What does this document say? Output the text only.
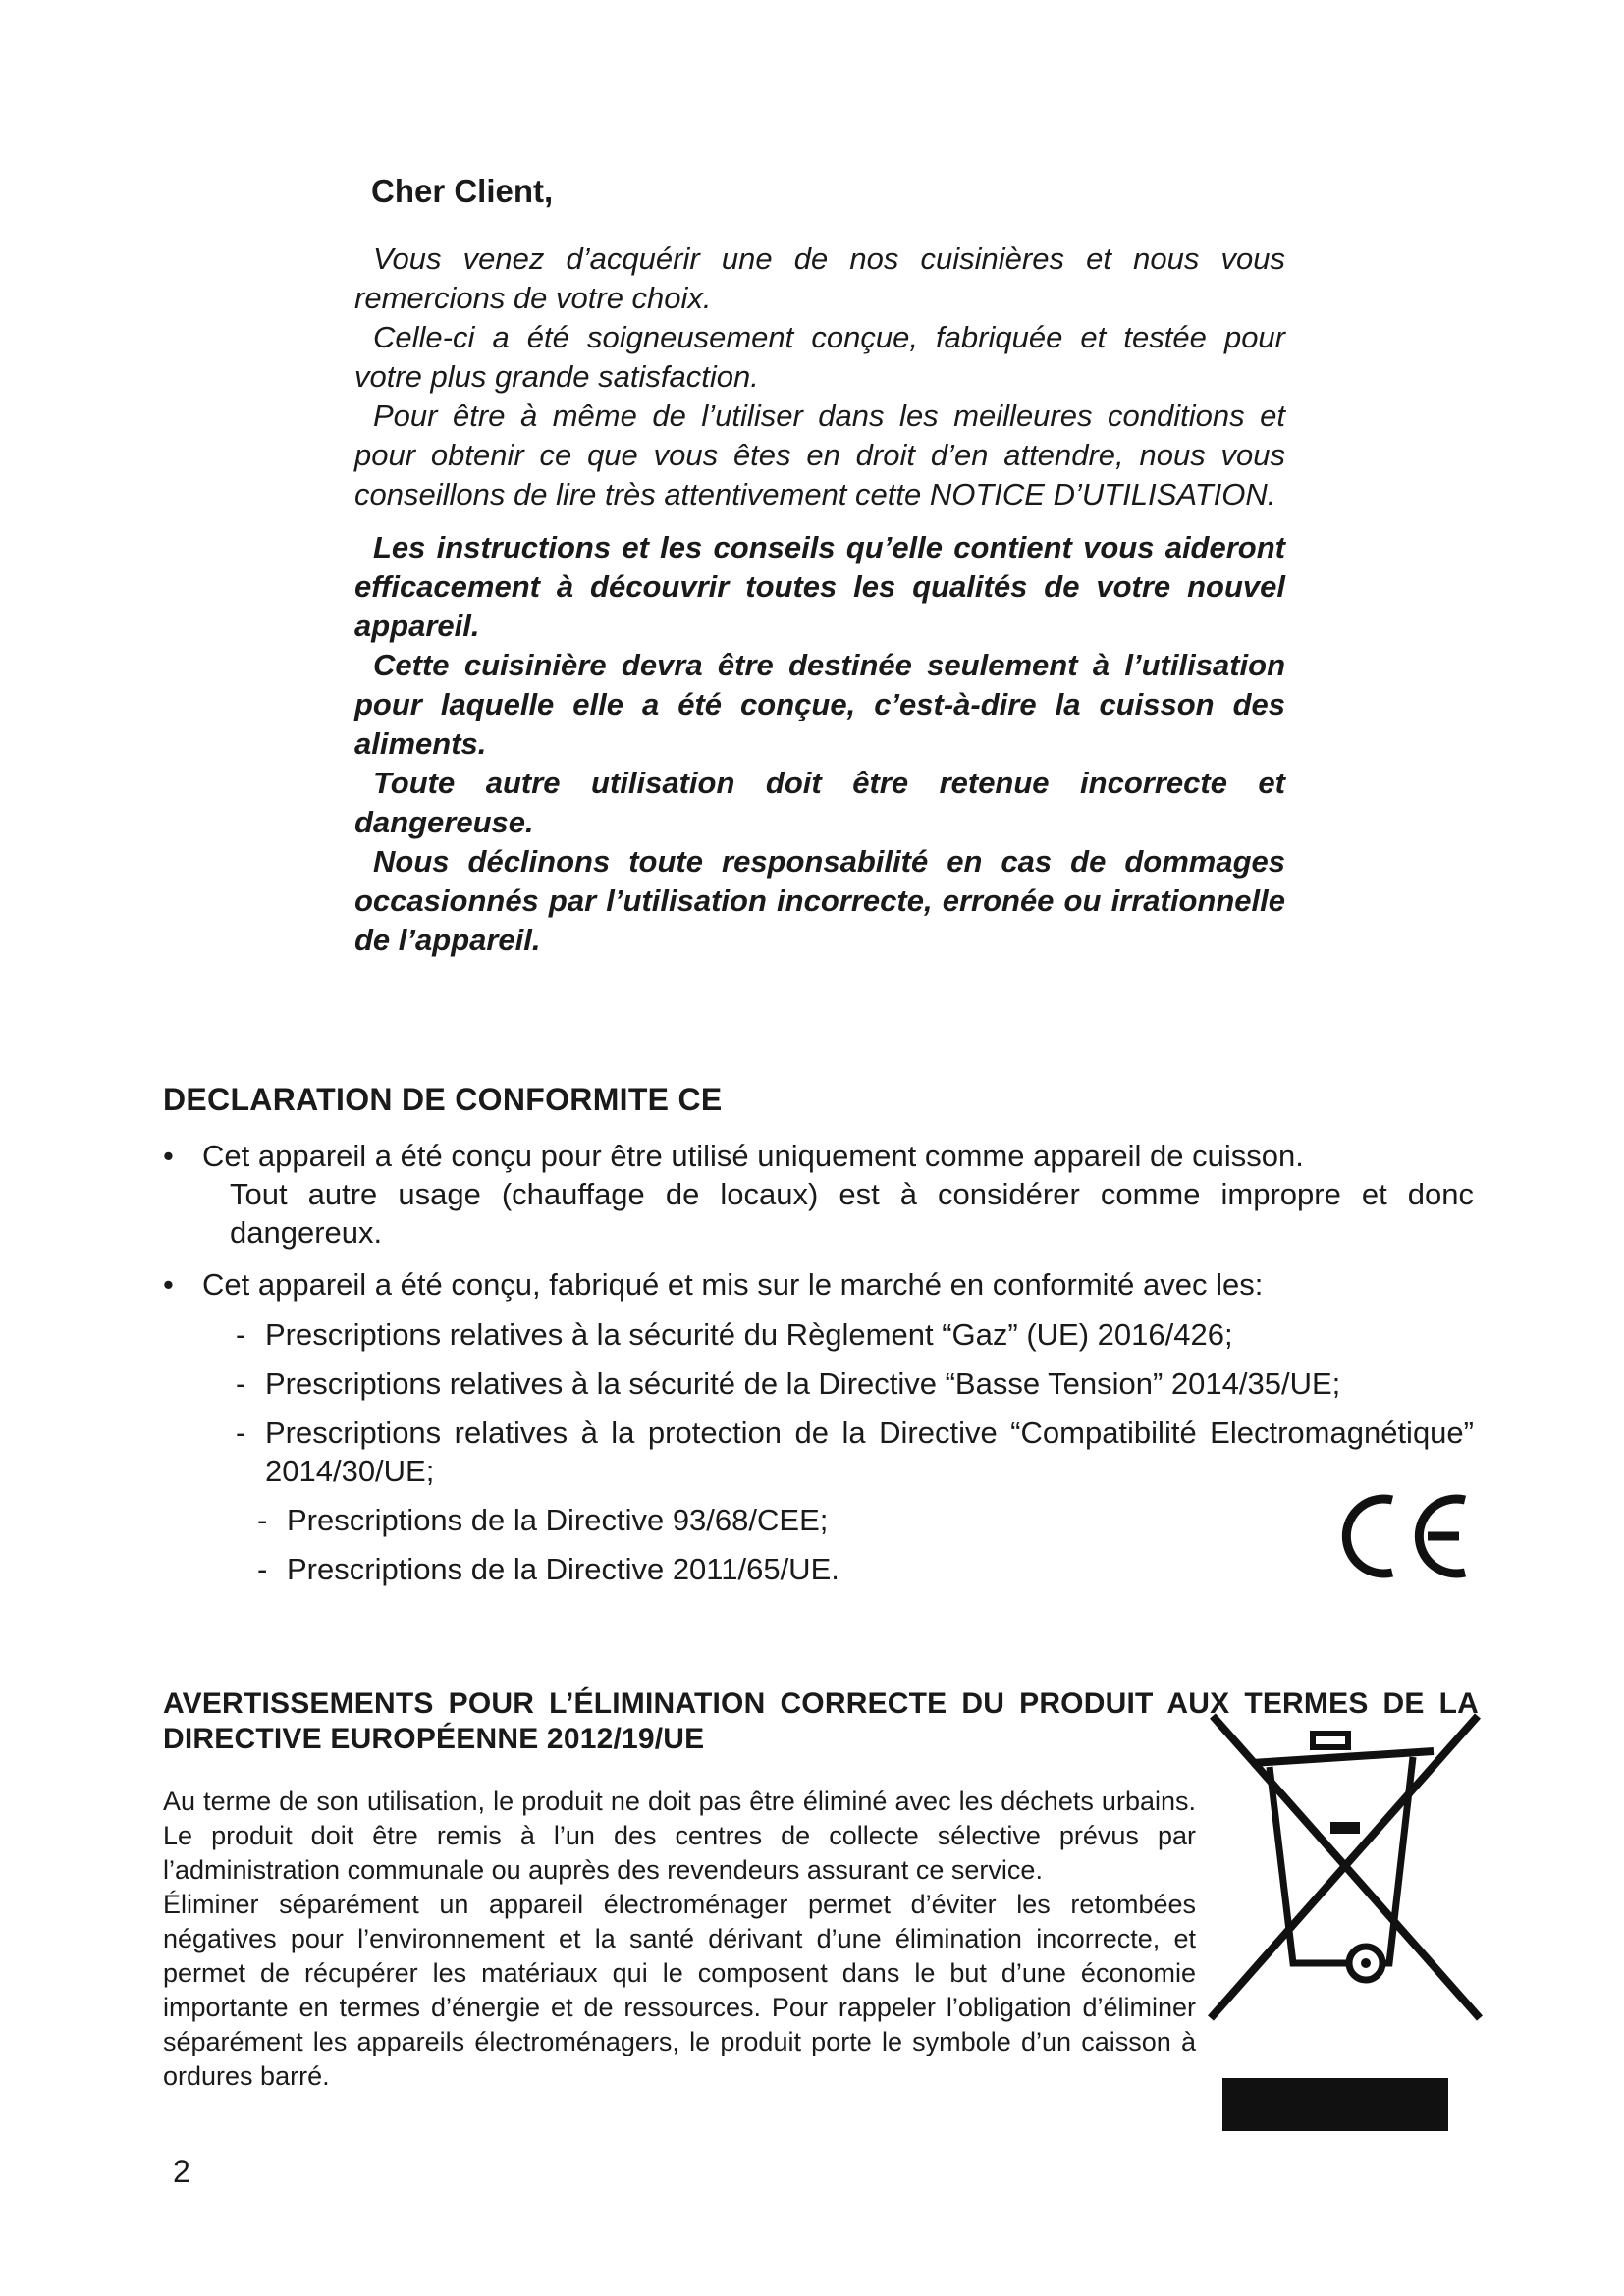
Cher Client,

Vous venez d’acquérir une de nos cuisinières et nous vous remercions de votre choix.

Celle-ci a été soigneusement conçue, fabriquée et testée pour votre plus grande satisfaction.

Pour être à même de l’utiliser dans les meilleures conditions et pour obtenir ce que vous êtes en droit d’en attendre, nous vous conseillons de lire très attentivement cette NOTICE D’UTILISATION.

Les instructions et les conseils qu’elle contient vous aideront efficacement à découvrir toutes les qualités de votre nouvel appareil.

Cette cuisinière devra être destinée seulement à l’utilisation pour laquelle elle a été conçue, c’est-à-dire la cuisson des aliments.

Toute autre utilisation doit être retenue incorrecte et dangereuse.

Nous déclinons toute responsabilité en cas de dommages occasionnés par l’utilisation incorrecte, erronée ou irrationnelle de l’appareil.

DECLARATION DE CONFORMITE CE
• Cet appareil a été conçu pour être utilisé uniquement comme appareil de cuisson.
Tout autre usage (chauffage de locaux) est à considérer comme impropre et donc dangereux.
• Cet appareil a été conçu, fabriqué et mis sur le marché en conformité avec les:
- Prescriptions relatives à la sécurité du Règlement “Gaz” (UE) 2016/426;
- Prescriptions relatives à la sécurité de la Directive “Basse Tension” 2014/35/UE;
- Prescriptions relatives à la protection de la Directive “Compatibilité Electromagnétique” 2014/30/UE;
- Prescriptions de la Directive 93/68/CEE;
- Prescriptions de la Directive 2011/65/UE.
AVERTISSEMENTS POUR L’ÉLIMINATION CORRECTE DU PRODUIT AUX TERMES DE LA DIRECTIVE EUROPÉENNE 2012/19/UE

Au terme de son utilisation, le produit ne doit pas être éliminé avec les déchets urbains. Le produit doit être remis à l’un des centres de collecte sélective prévus par l’administration communale ou auprès des revendeurs assurant ce service.

Éliminer séparément un appareil électroménager permet d’éviter les retombées négatives pour l’environnement et la santé dérivant d’une élimination incorrecte, et permet de récupérer les matériaux qui le composent dans le but d’une économie importante en termes d’énergie et de ressources. Pour rappeler l’obligation d’éliminer séparément les appareils électroménagers, le produit porte le symbole d’un caisson à ordures barré.

2
